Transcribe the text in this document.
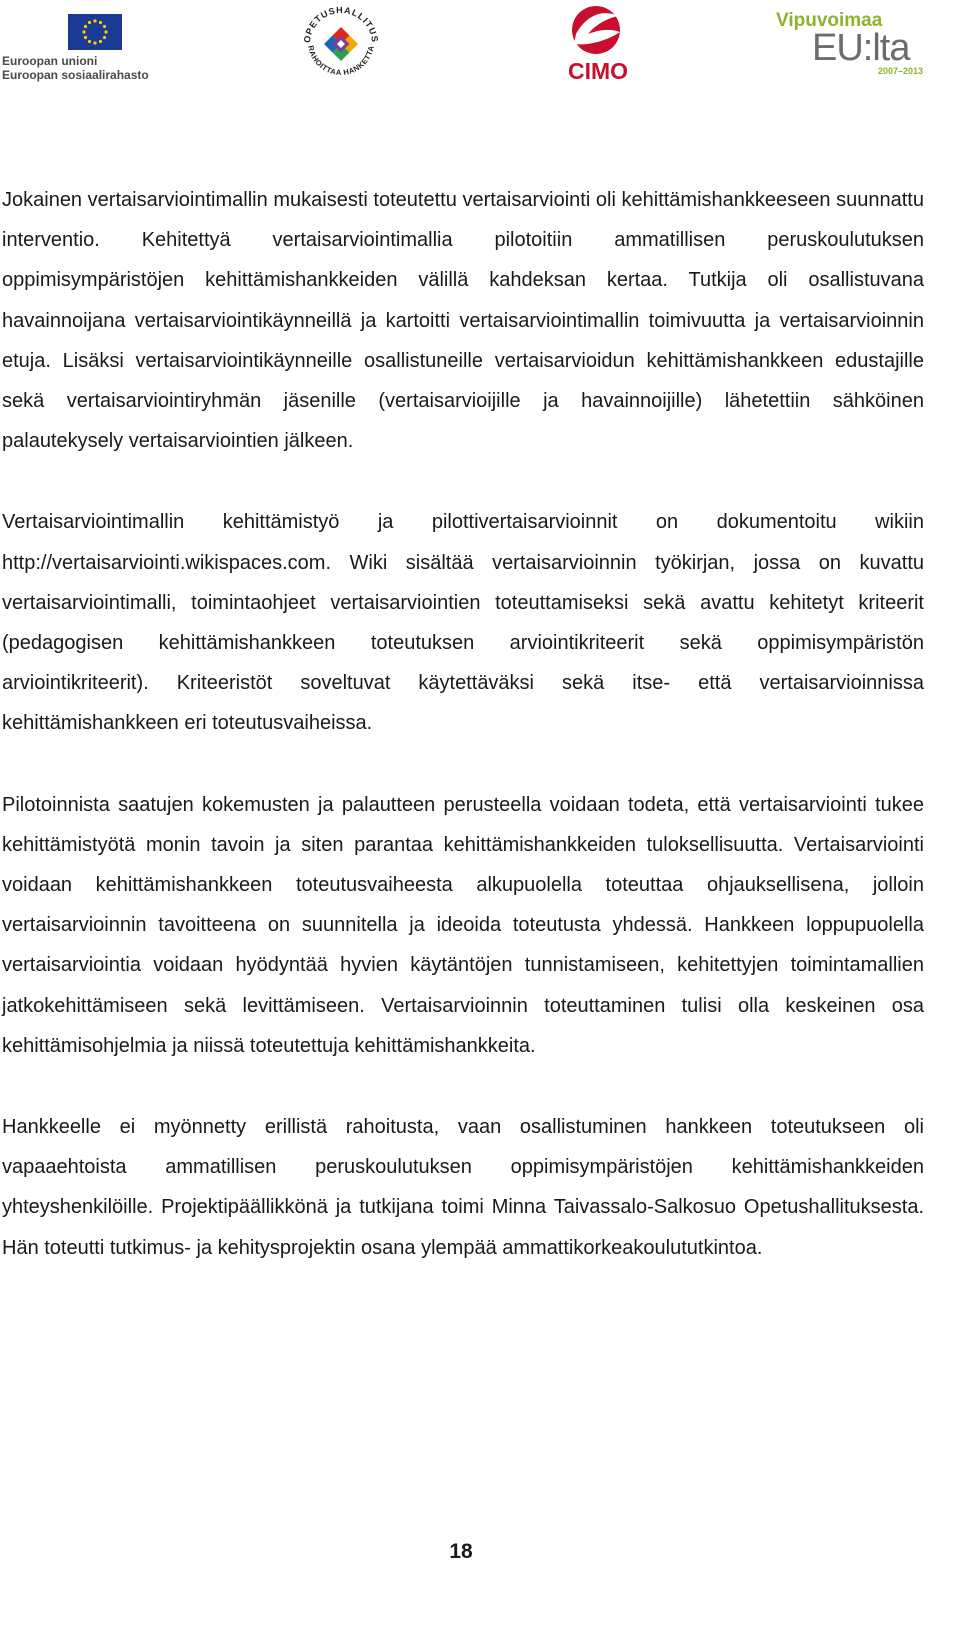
Euroopan unioni
Euroopan sosiaalirahasto
OPETUSHALLITUS
RAHOITTAA HANKETTA
CIMO
Vipuvoimaa
EU:lta
2007–2013

Jokainen vertaisarviointimallin mukaisesti toteutettu vertaisarviointi oli kehittämishankkeeseen suunnattu interventio. Kehitettyä vertaisarviointimallia pilotoitiin ammatillisen peruskoulutuksen oppimisympäristöjen kehittämishankkeiden välillä kahdeksan kertaa. Tutkija oli osallistuvana havainnoijana vertaisarviointikäynneillä ja kartoitti vertaisarviointimallin toimivuutta ja vertaisarvioinnin etuja. Lisäksi vertaisarviointikäynneille osallistuneille vertaisarvioidun kehittämishankkeen edustajille sekä vertaisarviointiryhmän jäsenille (vertaisarvioijille ja havainnoijille) lähetettiin sähköinen palautekysely vertaisarviointien jälkeen.

Vertaisarviointimallin kehittämistyö ja pilottivertaisarvioinnit on dokumentoitu wikiin http://vertaisarviointi.wikispaces.com. Wiki sisältää vertaisarvioinnin työkirjan, jossa on kuvattu vertaisarviointimalli, toimintaohjeet vertaisarviointien toteuttamiseksi sekä avattu kehitetyt kriteerit (pedagogisen kehittämishankkeen toteutuksen arviointikriteerit sekä oppimisympäristön arviointikriteerit). Kriteeristöt soveltuvat käytettäväksi sekä itse- että vertaisarvioinnissa kehittämishankkeen eri toteutusvaiheissa.

Pilotoinnista saatujen kokemusten ja palautteen perusteella voidaan todeta, että vertaisarviointi tukee kehittämistyötä monin tavoin ja siten parantaa kehittämishankkeiden tuloksellisuutta. Vertaisarviointi voidaan kehittämishankkeen toteutusvaiheesta alkupuolella toteuttaa ohjauksellisena, jolloin vertaisarvioinnin tavoitteena on suunnitella ja ideoida toteutusta yhdessä. Hankkeen loppupuolella vertaisarviointia voidaan hyödyntää hyvien käytäntöjen tunnistamiseen, kehitettyjen toimintamallien jatkokehittämiseen sekä levittämiseen. Vertaisarvioinnin toteuttaminen tulisi olla keskeinen osa kehittämisohjelmia ja niissä toteutettuja kehittämishankkeita.

Hankkeelle ei myönnetty erillistä rahoitusta, vaan osallistuminen hankkeen toteutukseen oli vapaaehtoista ammatillisen peruskoulutuksen oppimisympäristöjen kehittämishankkeiden yhteyshenkilöille. Projektipäällikkönä ja tutkijana toimi Minna Taivassalo-Salkosuo Opetushallituksesta. Hän toteutti tutkimus- ja kehitysprojektin osana ylempää ammattikorkeakoulututkintoa.

18
